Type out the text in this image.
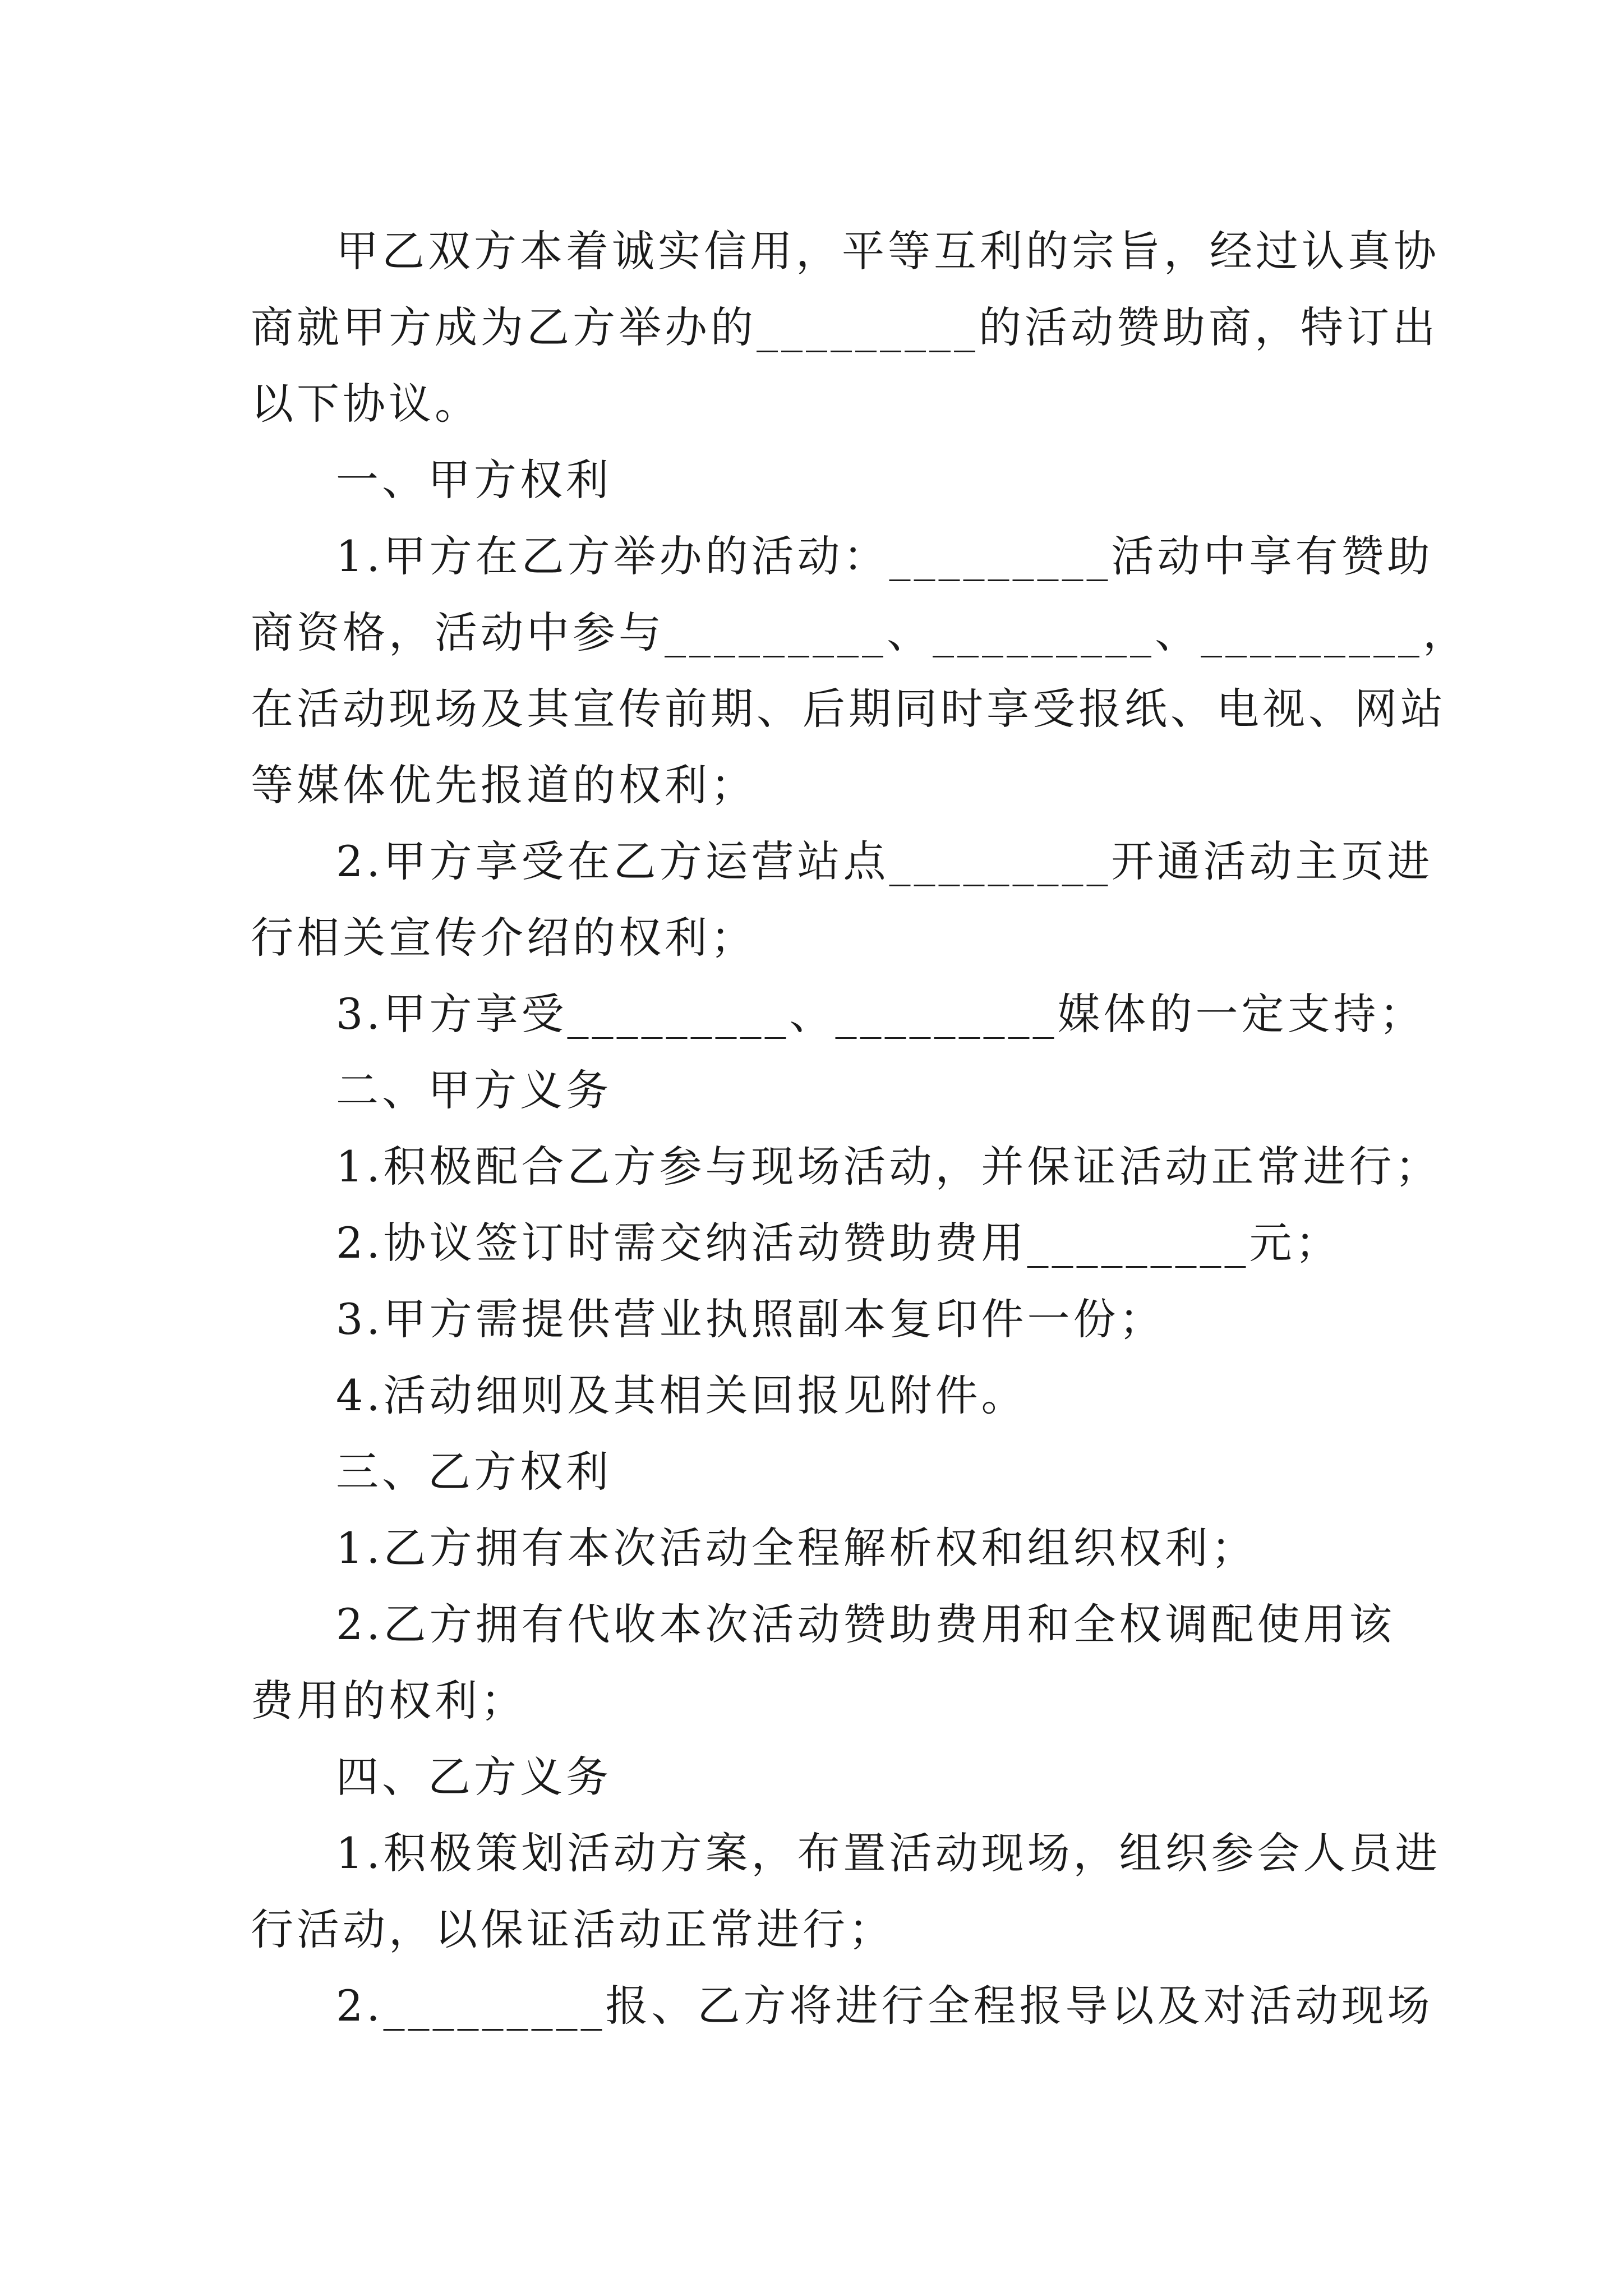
甲乙双方本着诚实信用，平等互利的宗旨，经过认真协
商就甲方成为乙方举办的_________的活动赞助商，特订出
以下协议。
一、甲方权利
1.甲方在乙方举办的活动：_________活动中享有赞助
商资格，活动中参与_________、_________、_________，
在活动现场及其宣传前期、后期同时享受报纸、电视、网站
等媒体优先报道的权利；
2.甲方享受在乙方运营站点_________开通活动主页进
行相关宣传介绍的权利；
3.甲方享受_________、_________媒体的一定支持；
二、甲方义务
1.积极配合乙方参与现场活动，并保证活动正常进行；
2.协议签订时需交纳活动赞助费用_________元；
3.甲方需提供营业执照副本复印件一份；
4.活动细则及其相关回报见附件。
三、乙方权利
1.乙方拥有本次活动全程解析权和组织权利；
2.乙方拥有代收本次活动赞助费用和全权调配使用该
费用的权利；
四、乙方义务
1.积极策划活动方案，布置活动现场，组织参会人员进
行活动，以保证活动正常进行；
2._________报、乙方将进行全程报导以及对活动现场
